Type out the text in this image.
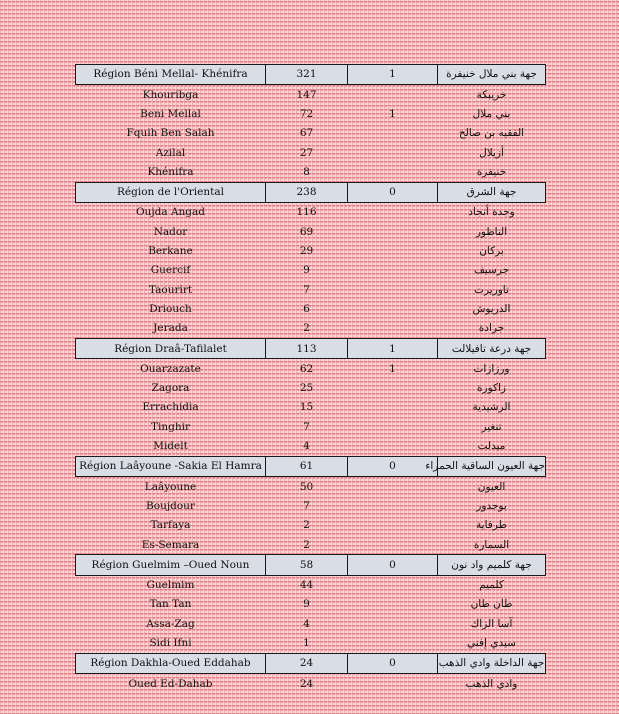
Région Béni Mellal- Khénifra	321	1	جهة بني ملال خنيفرة
Khouribga	147		خريبكة
Beni Mellal	72	1	بني ملال
Fquih Ben Salah	67		الفقيه بن صالح
Azilal	27		أزيلال
Khénifra	8		خنيفرة
Région de l'Oriental	238	0	جهة الشرق
Oujda Angad	116		وجدة أنجاد
Nador	69		الناظور
Berkane	29		بركان
Guercif	9		جرسيف
Taourirt	7		تاوريرت
Driouch	6		الدريوش
Jerada	2		جرادة
Région Draâ-Tafilalet	113	1	جهة درعة تافيلالت
Ouarzazate	62	1	ورزازات
Zagora	25		زاكورة
Errachidia	15		الرشيدية
Tinghir	7		تنغير
Midelt	4		ميدلت
Région Laâyoune -Sakia El Hamra	61	0	جهة العيون الساقية الحمراء
Laâyoune	50		العيون
Boujdour	7		بوجدور
Tarfaya	2		طرفاية
Es-Semara	2		السمارة
Région Guelmim –Oued Noun	58	0	جهة كلميم واد نون
Guelmim	44		كلميم
Tan Tan	9		طان طان
Assa-Zag	4		آسا الزاك
Sidi Ifni	1		سيدي إفني
Région Dakhla-Oued Eddahab	24	0	جهة الداخلة وادي الذهب
Oued Ed-Dahab	24		وادي الذهب
